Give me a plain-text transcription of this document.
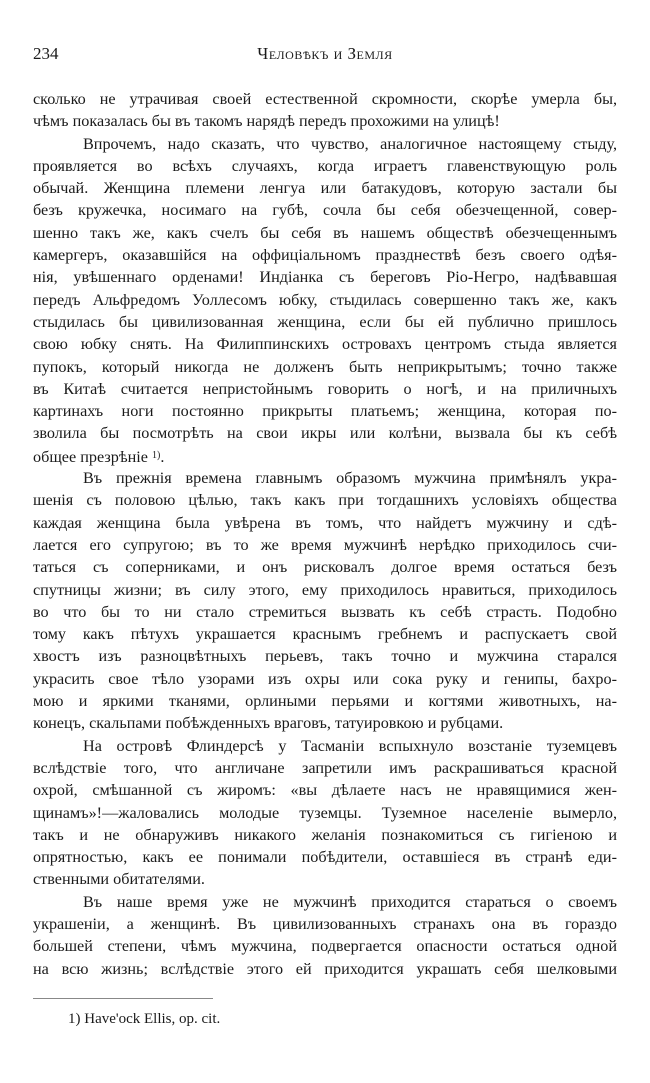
234	Человѣкъ и Земля
сколько не утрачивая своей естественной скромности, скорѣе умерла бы,
чѣмъ показалась бы въ такомъ нарядѣ передъ прохожими на улицѣ!
Впрочемъ, надо сказать, что чувство, аналогичное настоящему стыду,
проявляется во всѣхъ случаяхъ, когда играетъ главенствующую роль
обычай. Женщина племени ленгуа или батакудовъ, которую застали бы
безъ кружечка, носимаго на губѣ, сочла бы себя обезчещенной, совер-
шенно такъ же, какъ счелъ бы себя въ нашемъ обществѣ обезчещеннымъ
камергеръ, оказавшійся на оффиціальномъ празднествѣ безъ своего одѣя-
нія, увѣшеннаго орденами! Индіанка съ береговъ Ріо-Негро, надѣвавшая
передъ Альфредомъ Уоллесомъ юбку, стыдилась совершенно такъ же, какъ
стыдилась бы цивилизованная женщина, если бы ей публично пришлось
свою юбку снять. На Филиппинскихъ островахъ центромъ стыда является
пупокъ, который никогда не долженъ быть неприкрытымъ; точно также
въ Китаѣ считается непристойнымъ говорить о ногѣ, и на приличныхъ
картинахъ ноги постоянно прикрыты платьемъ; женщина, которая по-
зволила бы посмотрѣть на свои икры или колѣни, вызвала бы къ себѣ
общее презрѣніе $^{1)}$.
Въ прежнія времена главнымъ образомъ мужчина примѣнялъ укра-
шенія съ половою цѣлью, такъ какъ при тогдашнихъ условіяхъ общества
каждая женщина была увѣрена въ томъ, что найдетъ мужчину и сдѣ-
лается его супругою; въ то же время мужчинѣ нерѣдко приходилось счи-
таться съ соперниками, и онъ рисковалъ долгое время остаться безъ
спутницы жизни; въ силу этого, ему приходилось нравиться, приходилось
во что бы то ни стало стремиться вызвать къ себѣ страсть. Подобно
тому какъ пѣтухъ украшается краснымъ гребнемъ и распускаетъ свой
хвостъ изъ разноцвѣтныхъ перьевъ, такъ точно и мужчина старался
украсить свое тѣло узорами изъ охры или сока руку и генипы, бахро-
мою и яркими тканями, орлиными перьями и когтями животныхъ, на-
конецъ, скальпами побѣжденныхъ враговъ, татуировкою и рубцами.
На островѣ Флиндерсѣ у Тасманіи вспыхнуло возстаніе туземцевъ
вслѣдствіе того, что англичане запретили имъ раскрашиваться красной
охрой, смѣшанной съ жиромъ: «вы дѣлаете насъ не нравящимися жен-
щинамъ»!—жаловались молодые туземцы. Туземное населеніе вымерло,
такъ и не обнаруживъ никакого желанія познакомиться съ гигіеною и
опрятностью, какъ ее понимали побѣдители, оставшіеся въ странѣ еди-
ственными обитателями.
Въ наше время уже не мужчинѣ приходится стараться о своемъ
украшеніи, а женщинѣ. Въ цивилизованныхъ странахъ она въ гораздо
большей степени, чѣмъ мужчина, подвергается опасности остаться одной
на всю жизнь; вслѣдствіе этого ей приходится украшать себя шелковыми
1) Have'ock Ellis, op. cit.
